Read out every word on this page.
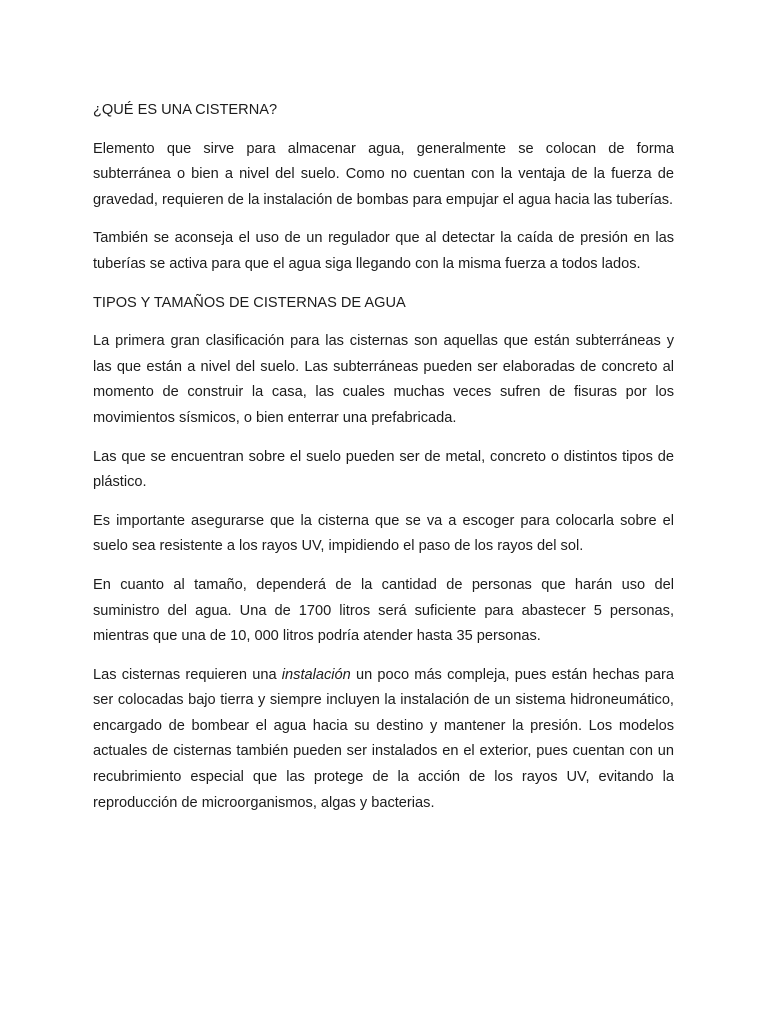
¿QUÉ ES UNA CISTERNA?

Elemento que sirve para almacenar agua, generalmente se colocan de forma subterránea o bien a nivel del suelo. Como no cuentan con la ventaja de la fuerza de gravedad, requieren de la instalación de bombas para empujar el agua hacia las tuberías.

También se aconseja el uso de un regulador que al detectar la caída de presión en las tuberías se activa para que el agua siga llegando con la misma fuerza a todos lados.

TIPOS Y TAMAÑOS DE CISTERNAS DE AGUA

La primera gran clasificación para las cisternas son aquellas que están subterráneas y las que están a nivel del suelo. Las subterráneas pueden ser elaboradas de concreto al momento de construir la casa, las cuales muchas veces sufren de fisuras por los movimientos sísmicos, o bien enterrar una prefabricada.

Las que se encuentran sobre el suelo pueden ser de metal, concreto o distintos tipos de plástico.

Es importante asegurarse que la cisterna que se va a escoger para colocarla sobre el suelo sea resistente a los rayos UV, impidiendo el paso de los rayos del sol.

En cuanto al tamaño, dependerá de la cantidad de personas que harán uso del suministro del agua. Una de 1700 litros será suficiente para abastecer 5 personas, mientras que una de 10, 000 litros podría atender hasta 35 personas.

Las cisternas requieren una instalación un poco más compleja, pues están hechas para ser colocadas bajo tierra y siempre incluyen la instalación de un sistema hidroneumático, encargado de bombear el agua hacia su destino y mantener la presión. Los modelos actuales de cisternas también pueden ser instalados en el exterior, pues cuentan con un recubrimiento especial que las protege de la acción de los rayos UV, evitando la reproducción de microorganismos, algas y bacterias.
